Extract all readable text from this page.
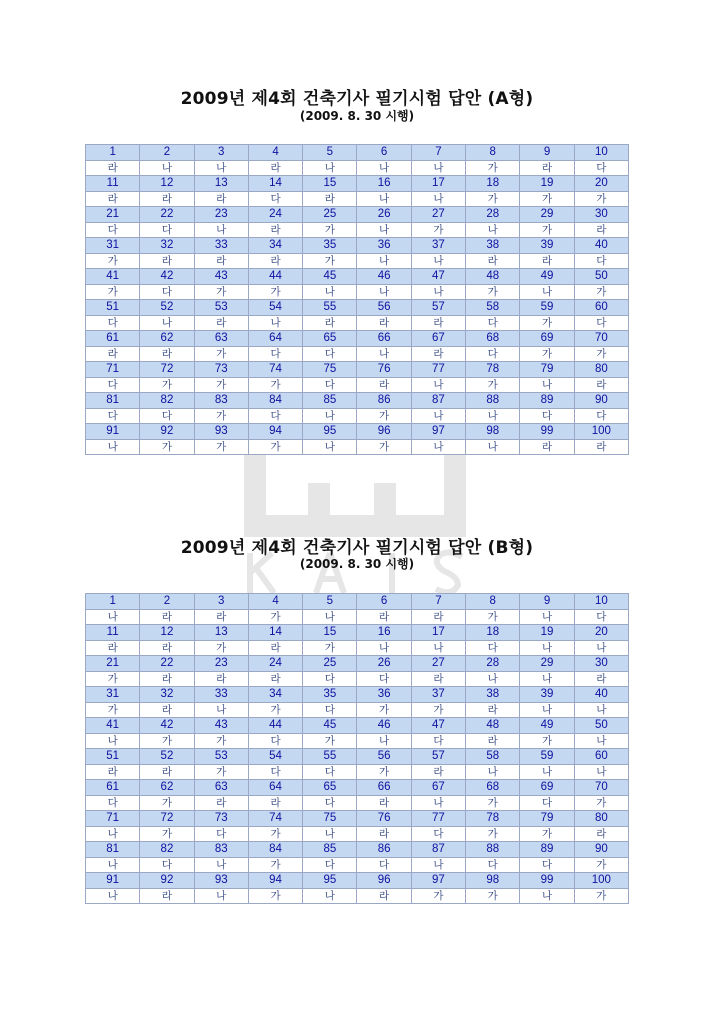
2009년 제4회 건축기사 필기시험 답안 (A형)
(2009. 8. 30 시행)
1	2	3	4	5	6	7	8	9	10
라	나	나	라	나	나	나	가	라	다
11	12	13	14	15	16	17	18	19	20
라	라	라	다	라	나	나	가	가	가
21	22	23	24	25	26	27	28	29	30
다	다	나	라	가	나	가	나	가	라
31	32	33	34	35	36	37	38	39	40
가	라	라	라	가	나	나	라	라	다
41	42	43	44	45	46	47	48	49	50
가	다	가	가	나	나	나	가	나	가
51	52	53	54	55	56	57	58	59	60
다	나	라	나	라	라	라	다	가	다
61	62	63	64	65	66	67	68	69	70
라	라	가	다	다	나	라	다	가	가
71	72	73	74	75	76	77	78	79	80
다	가	가	가	다	라	나	가	나	라
81	82	83	84	85	86	87	88	89	90
다	다	가	다	나	가	나	나	다	다
91	92	93	94	95	96	97	98	99	100
나	가	가	가	나	가	나	나	라	라
2009년 제4회 건축기사 필기시험 답안 (B형)
(2009. 8. 30 시행)
1	2	3	4	5	6	7	8	9	10
나	라	라	가	나	라	라	가	나	다
11	12	13	14	15	16	17	18	19	20
라	라	가	라	가	나	나	다	나	나
21	22	23	24	25	26	27	28	29	30
가	라	라	라	다	다	라	나	나	라
31	32	33	34	35	36	37	38	39	40
가	라	나	가	다	가	가	라	나	나
41	42	43	44	45	46	47	48	49	50
나	가	가	다	가	나	다	라	가	나
51	52	53	54	55	56	57	58	59	60
라	라	가	다	다	가	라	나	나	나
61	62	63	64	65	66	67	68	69	70
다	가	라	라	다	라	나	가	다	가
71	72	73	74	75	76	77	78	79	80
나	가	다	가	나	라	다	가	가	라
81	82	83	84	85	86	87	88	89	90
나	다	나	가	다	다	나	다	다	가
91	92	93	94	95	96	97	98	99	100
나	라	나	가	나	라	가	가	나	가
